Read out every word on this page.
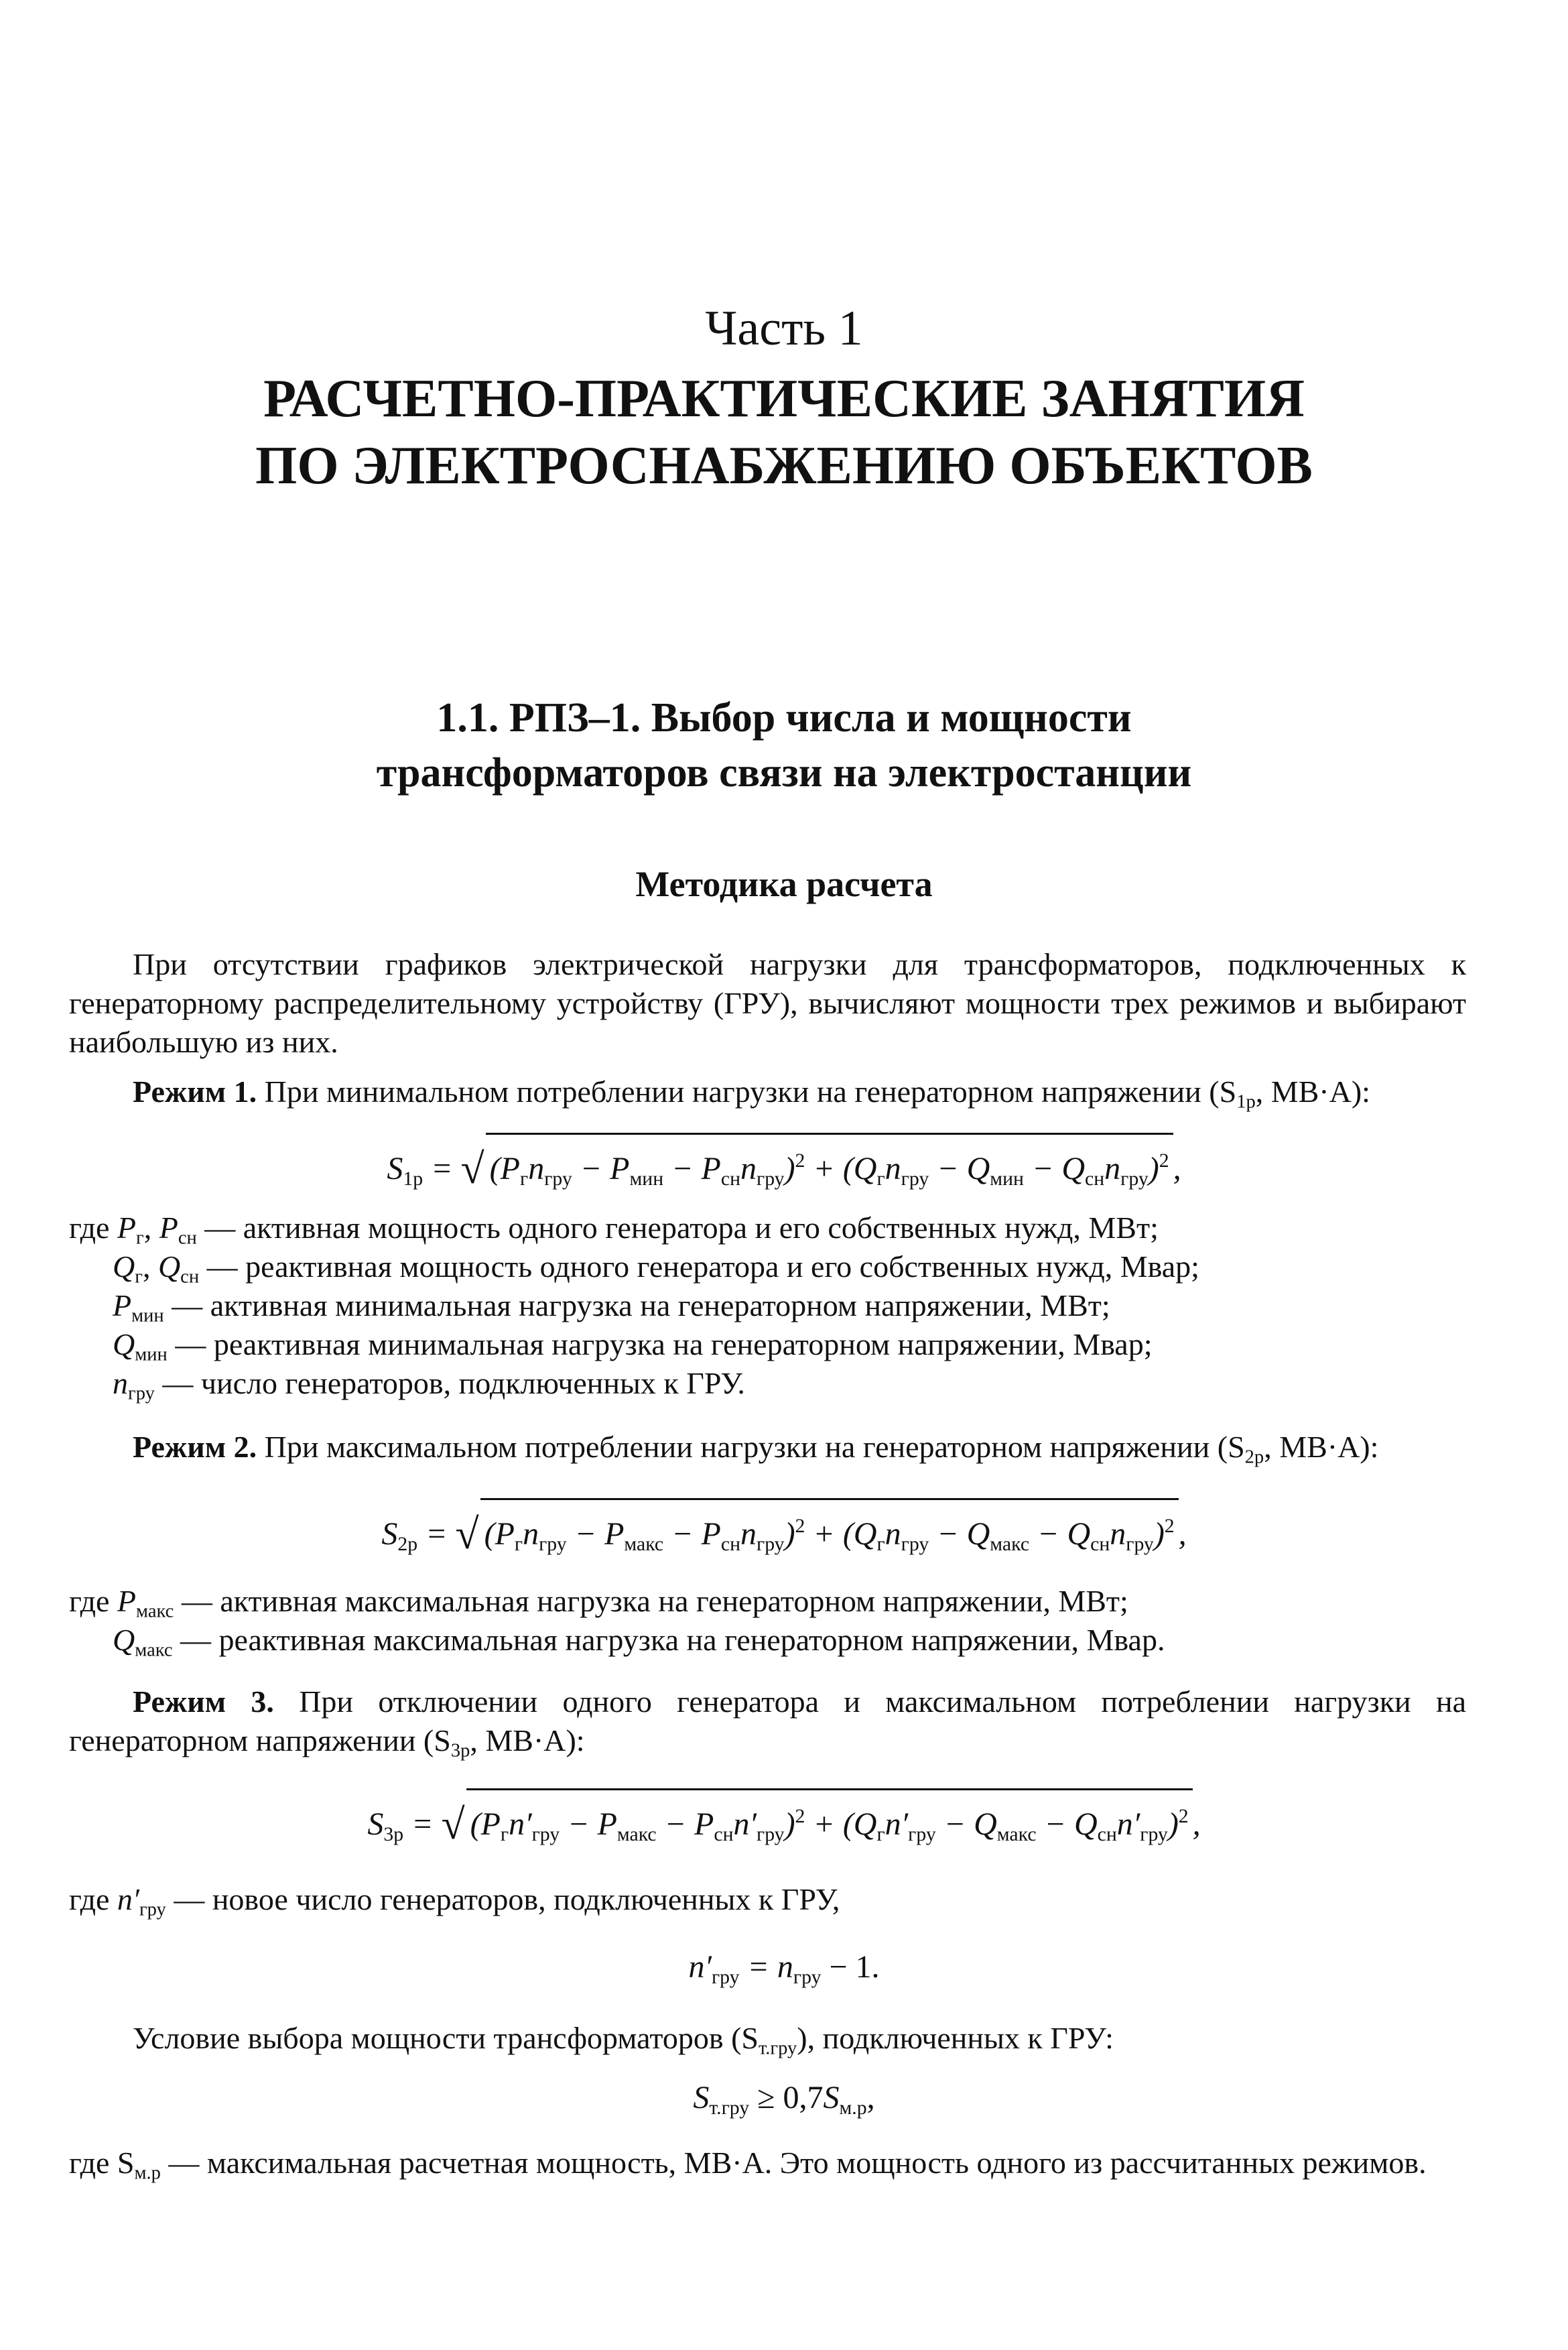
Часть 1
РАСЧЕТНО-ПРАКТИЧЕСКИЕ ЗАНЯТИЯ
ПО ЭЛЕКТРОСНАБЖЕНИЮ ОБЪЕКТОВ
1.1. РПЗ–1. Выбор числа и мощности
трансформаторов связи на электростанции
Методика расчета
При отсутствии графиков электрической нагрузки для трансформаторов, подключенных к генераторному распределительному устройству (ГРУ), вычисляют мощности трех режимов и выбирают наибольшую из них.
Режим 1. При минимальном потреблении нагрузки на генераторном напряжении ($S_{1р}$, МВ·А):
$S_{1р}$ = √ $(P_гn_{гру} - P_{мин} - P_{сн}n_{гру})^2 + (Q_гn_{гру} - Q_{мин} - Q_{сн}n_{гру})^2$ ,
где $P_г$, $P_{сн}$ — активная мощность одного генератора и его собственных нужд, МВт;
$Q_г$, $Q_{сн}$ — реактивная мощность одного генератора и его собственных нужд, Мвар;
$P_{мин}$ — активная минимальная нагрузка на генераторном напряжении, МВт;
$Q_{мин}$ — реактивная минимальная нагрузка на генераторном напряжении, Мвар;
$n_{гру}$ — число генераторов, подключенных к ГРУ.
Режим 2. При максимальном потреблении нагрузки на генераторном напряжении ($S_{2р}$, МВ·А):
$S_{2р}$ = √ $(P_гn_{гру} - P_{макс} - P_{сн}n_{гру})^2 + (Q_гn_{гру} - Q_{макс} - Q_{сн}n_{гру})^2$ ,
где $P_{макс}$ — активная максимальная нагрузка на генераторном напряжении, МВт;
$Q_{макс}$ — реактивная максимальная нагрузка на генераторном напряжении, Мвар.
Режим 3. При отключении одного генератора и максимальном потреблении нагрузки на генераторном напряжении ($S_{3р}$, МВ·А):
$S_{3р}$ = √ $(P_гn'_{гру} - P_{макс} - P_{сн}n'_{гру})^2 + (Q_гn'_{гру} - Q_{макс} - Q_{сн}n'_{гру})^2$ ,
где $n'_{гру}$ — новое число генераторов, подключенных к ГРУ,
$n'_{гру} = n_{гру} - 1$.
Условие выбора мощности трансформаторов $(S_{т.гру})$, подключенных к ГРУ:
$S_{т.гру} \ge 0,7S_{м.р}$,
где $S_{м.р}$ — максимальная расчетная мощность, МВ·А. Это мощность одного из рассчитанных режимов.
